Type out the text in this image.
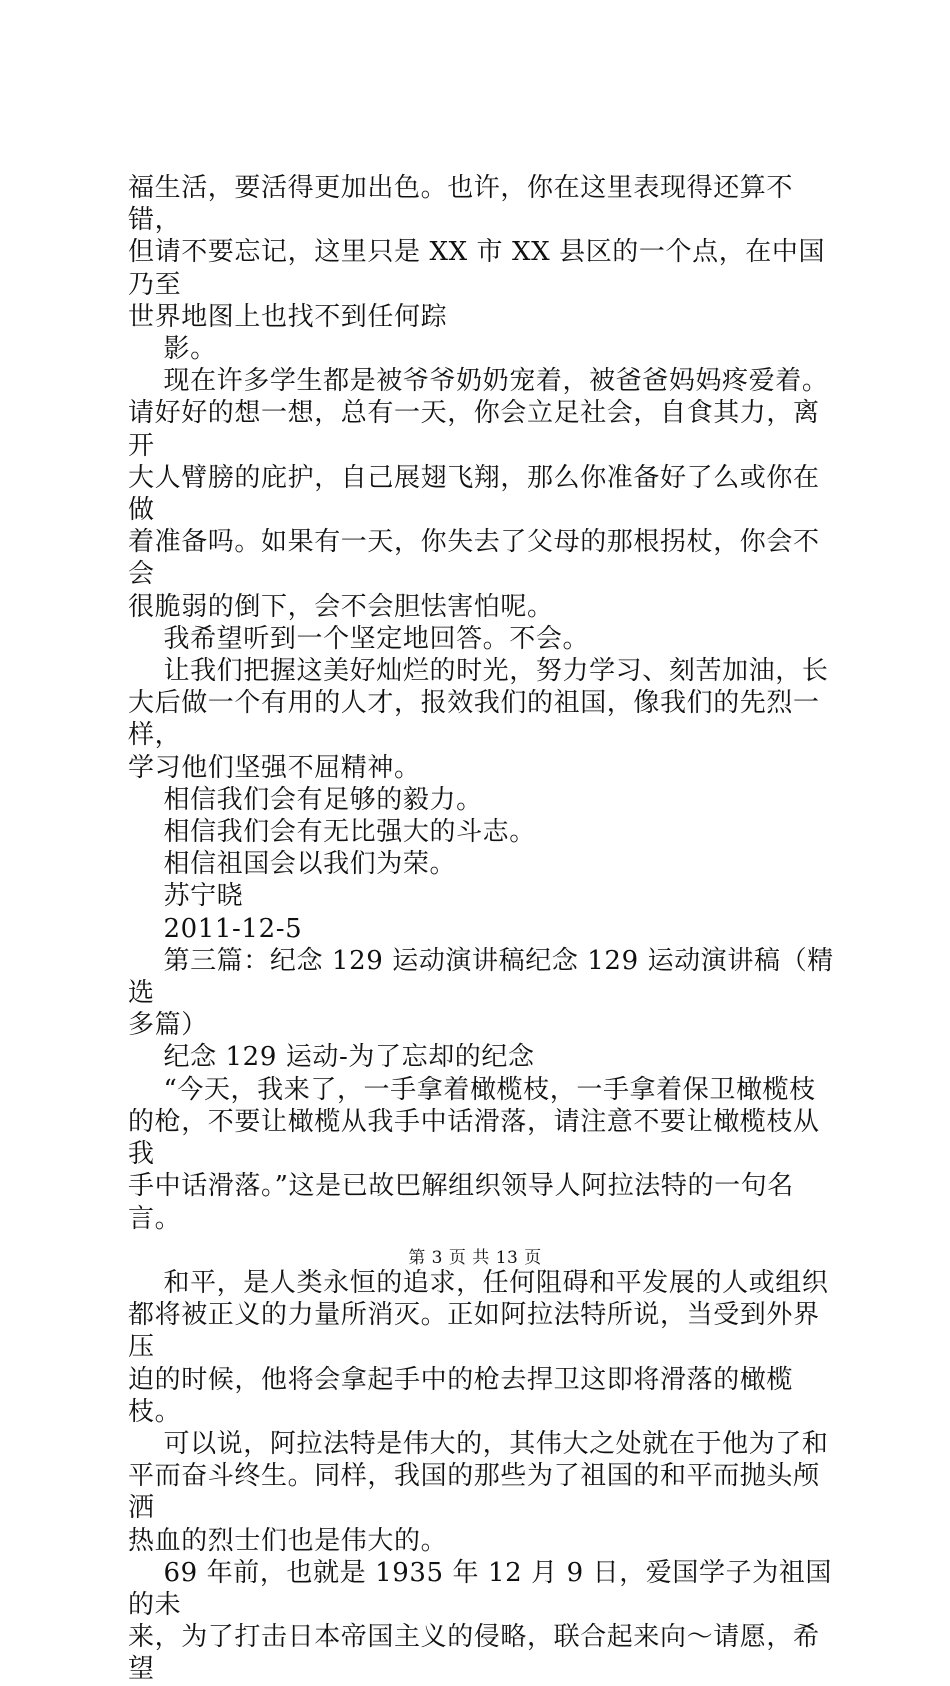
福生活，要活得更加出色。也许，你在这里表现得还算不错，

但请不要忘记，这里只是 XX 市 XX 县区的一个点，在中国乃至

世界地图上也找不到任何踪

影。

现在许多学生都是被爷爷奶奶宠着，被爸爸妈妈疼爱着。

请好好的想一想，总有一天，你会立足社会，自食其力，离开

大人臂膀的庇护，自己展翅飞翔，那么你准备好了么或你在做

着准备吗。如果有一天，你失去了父母的那根拐杖，你会不会

很脆弱的倒下，会不会胆怯害怕呢。

我希望听到一个坚定地回答。不会。

让我们把握这美好灿烂的时光，努力学习、刻苦加油，长

大后做一个有用的人才，报效我们的祖国，像我们的先烈一样，

学习他们坚强不屈精神。

相信我们会有足够的毅力。

相信我们会有无比强大的斗志。

相信祖国会以我们为荣。

苏宁晓

2011-12-5

第三篇：纪念 129 运动演讲稿纪念 129 运动演讲稿（精选

多篇）

纪念 129 运动-为了忘却的纪念

“今天，我来了，一手拿着橄榄枝，一手拿着保卫橄榄枝

的枪，不要让橄榄从我手中话滑落，请注意不要让橄榄枝从我

手中话滑落。”这是已故巴解组织领导人阿拉法特的一句名言。

和平，是人类永恒的追求，任何阻碍和平发展的人或组织

都将被正义的力量所消灭。正如阿拉法特所说，当受到外界压

迫的时候，他将会拿起手中的枪去捍卫这即将滑落的橄榄枝。

可以说，阿拉法特是伟大的，其伟大之处就在于他为了和

平而奋斗终生。同样，我国的那些为了祖国的和平而抛头颅洒

热血的烈士们也是伟大的。

69 年前，也就是 1935 年 12 月 9 日，爱国学子为祖国的未

来，为了打击日本帝国主义的侵略，联合起来向～请愿，希望

第 3 页 共 13 页
